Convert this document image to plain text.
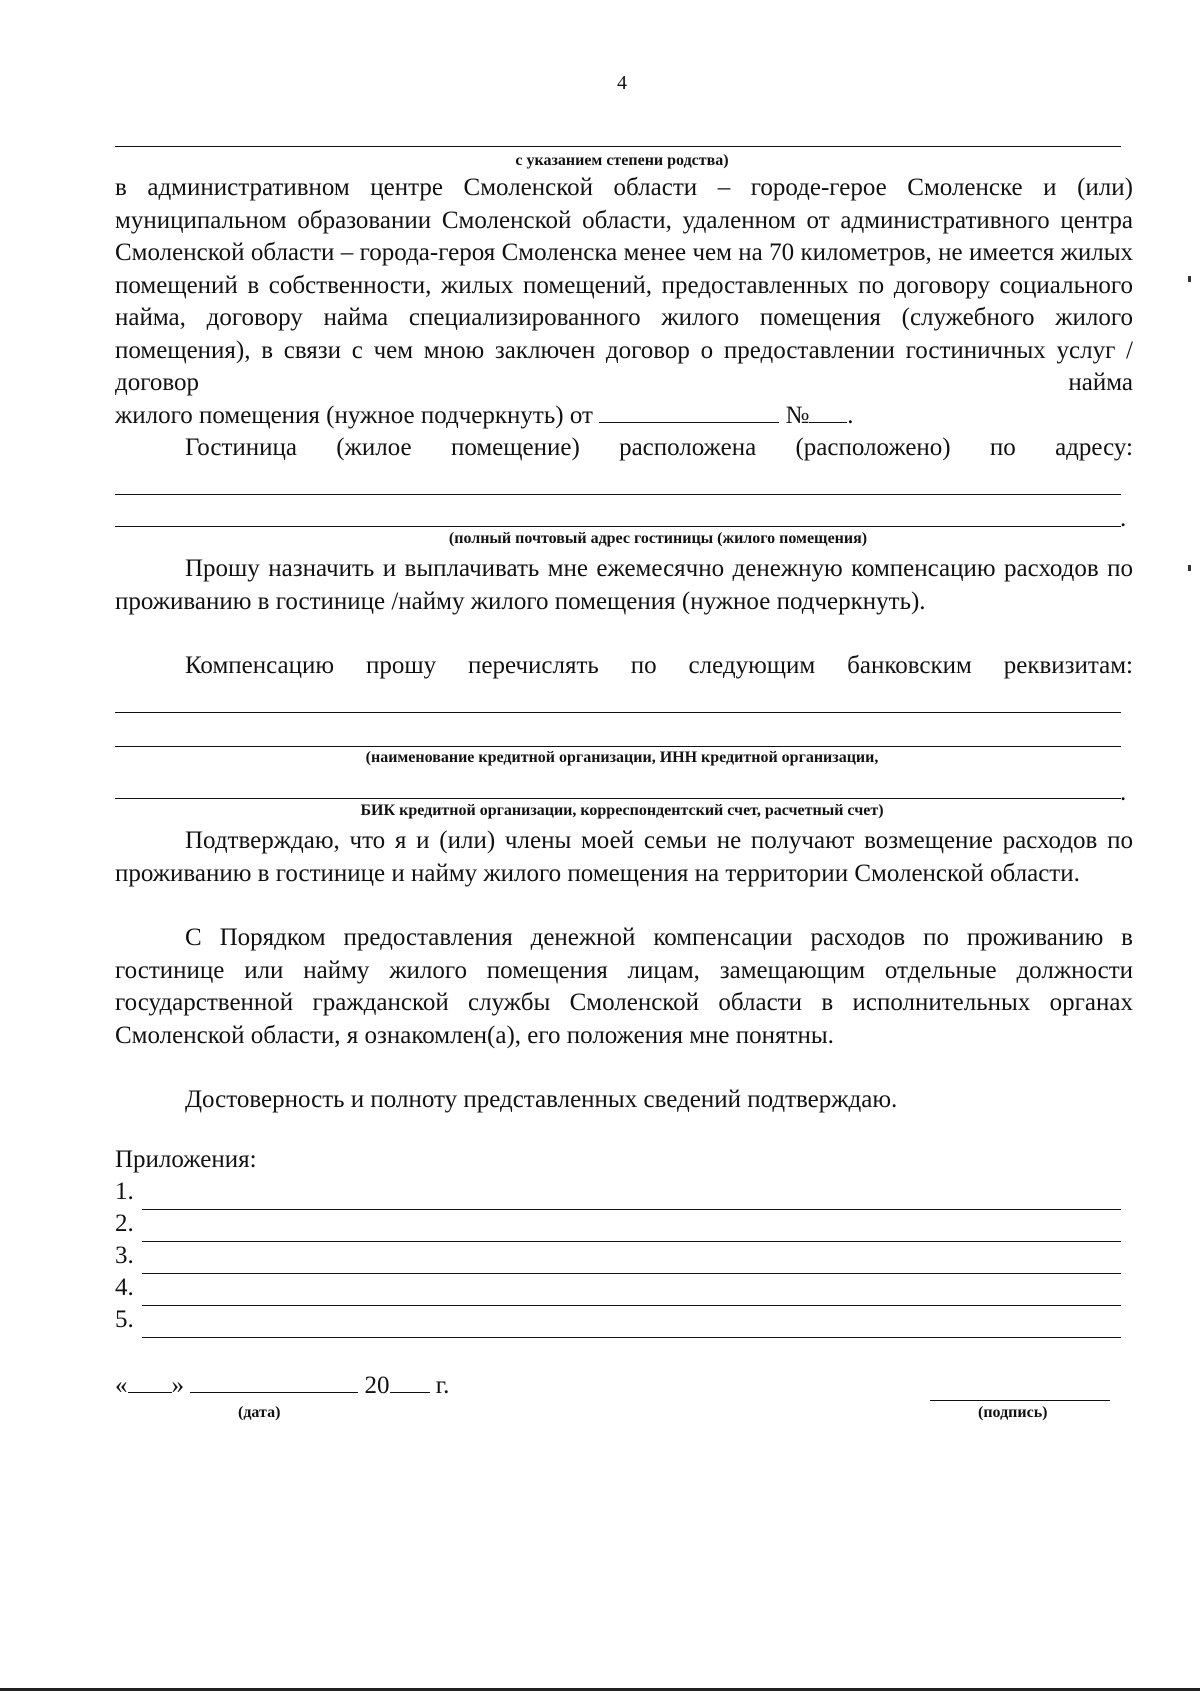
4
с указанием степени родства)

в административном центре Смоленской области – городе-герое Смоленске и (или) муниципальном образовании Смоленской области, удаленном от административного центра Смоленской области – города-героя Смоленска менее чем на 70 километров, не имеется жилых помещений в собственности, жилых помещений, предоставленных по договору социального найма, договору найма специализированного жилого помещения (служебного жилого помещения), в связи с чем мною заключен договор о предоставлении гостиничных услуг / договор найма

жилого помещения (нужное подчеркнуть) от	№ .

Гостиница (жилое помещение) расположена (расположено) по адресу:

.
(полный почтовый адрес гостиницы (жилого помещения)

Прошу назначить и выплачивать мне ежемесячно денежную компенсацию расходов по проживанию в гостинице /найму жилого помещения (нужное подчеркнуть).

Компенсацию прошу перечислять по следующим банковским реквизитам:

(наименование кредитной организации, ИНН кредитной организации,
.
БИК кредитной организации, корреспондентский счет, расчетный счет)

Подтверждаю, что я и (или) члены моей семьи не получают возмещение расходов по проживанию в гостинице и найму жилого помещения на территории Смоленской области.

С Порядком предоставления денежной компенсации расходов по проживанию в гостинице или найму жилого помещения лицам, замещающим отдельные должности государственной гражданской службы Смоленской области в исполнительных органах Смоленской области, я ознакомлен(а), его положения мне понятны.

Достоверность и полноту представленных сведений подтверждаю.

Приложения:
1.
2.
3.
4.
5.
« »	20 г.
(дата)	(подпись)
